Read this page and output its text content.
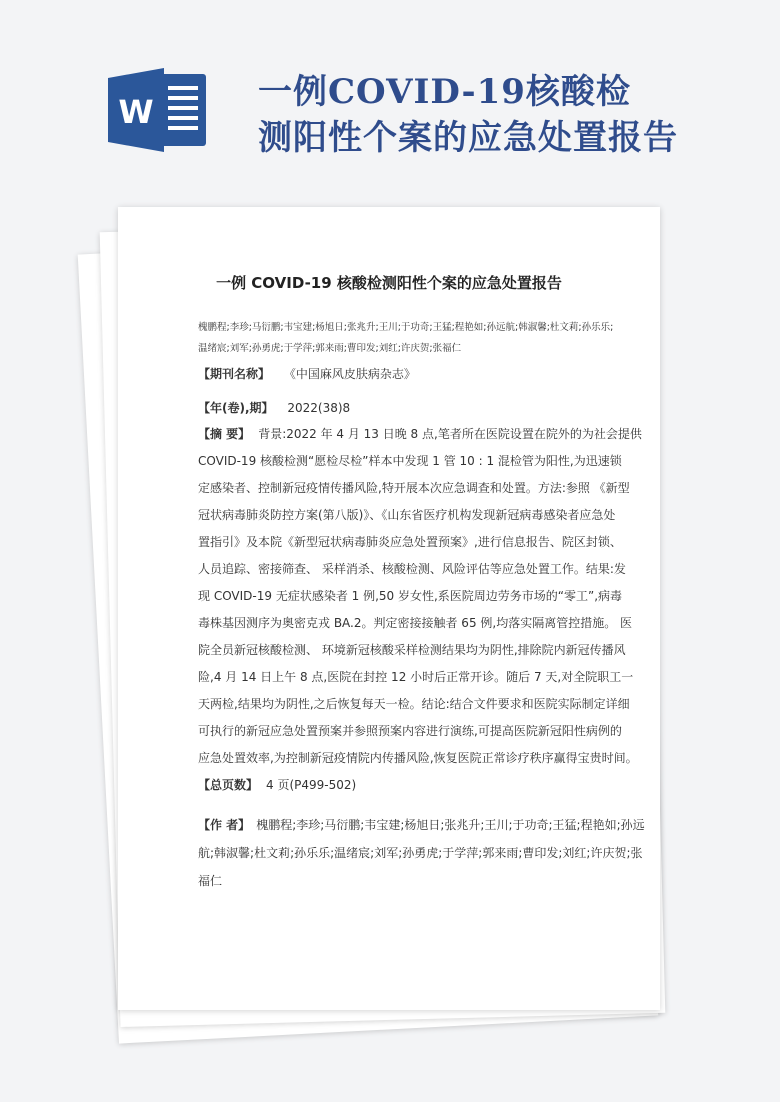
W	一例COVID-19核酸检
测阳性个案的应急处置报告
一例 COVID-19 核酸检测阳性个案的应急处置报告
槐鹏程;李珍;马衍鹏;韦宝建;杨旭日;张兆升;王川;于功奇;王猛;程艳如;孙远航;韩淑馨;杜文莉;孙乐乐;
温绪宸;刘军;孙勇虎;于学萍;郭来雨;曹印发;刘红;许庆贺;张福仁
【期刊名称】 《中国麻风皮肤病杂志》
【年(卷),期】 2022(38)8
【摘 要】 背景:2022 年 4 月 13 日晚 8 点,笔者所在医院设置在院外的为社会提供
COVID-19 核酸检测“愿检尽检”样本中发现 1 管 10 : 1 混检管为阳性,为迅速锁
定感染者、控制新冠疫情传播风险,特开展本次应急调查和处置。方法:参照 《新型
冠状病毒肺炎防控方案(第八版)》、《山东省医疗机构发现新冠病毒感染者应急处
置指引》及本院《新型冠状病毒肺炎应急处置预案》,进行信息报告、院区封锁、
人员追踪、密接筛查、 采样消杀、核酸检测、风险评估等应急处置工作。结果:发
现 COVID-19 无症状感染者 1 例,50 岁女性,系医院周边劳务市场的“零工”,病毒
毒株基因测序为奥密克戎 BA.2。判定密接接触者 65 例,均落实隔离管控措施。 医
院全员新冠核酸检测、 环境新冠核酸采样检测结果均为阴性,排除院内新冠传播风
险,4 月 14 日上午 8 点,医院在封控 12 小时后正常开诊。随后 7 天,对全院职工一
天两检,结果均为阴性,之后恢复每天一检。结论:结合文件要求和医院实际制定详细
可执行的新冠应急处置预案并参照预案内容进行演练,可提高医院新冠阳性病例的
应急处置效率,为控制新冠疫情院内传播风险,恢复医院正常诊疗秩序赢得宝贵时间。
【总页数】 4 页(P499-502)
【作 者】 槐鹏程;李珍;马衍鹏;韦宝建;杨旭日;张兆升;王川;于功奇;王猛;程艳如;孙远
航;韩淑馨;杜文莉;孙乐乐;温绪宸;刘军;孙勇虎;于学萍;郭来雨;曹印发;刘红;许庆贺;张
福仁
